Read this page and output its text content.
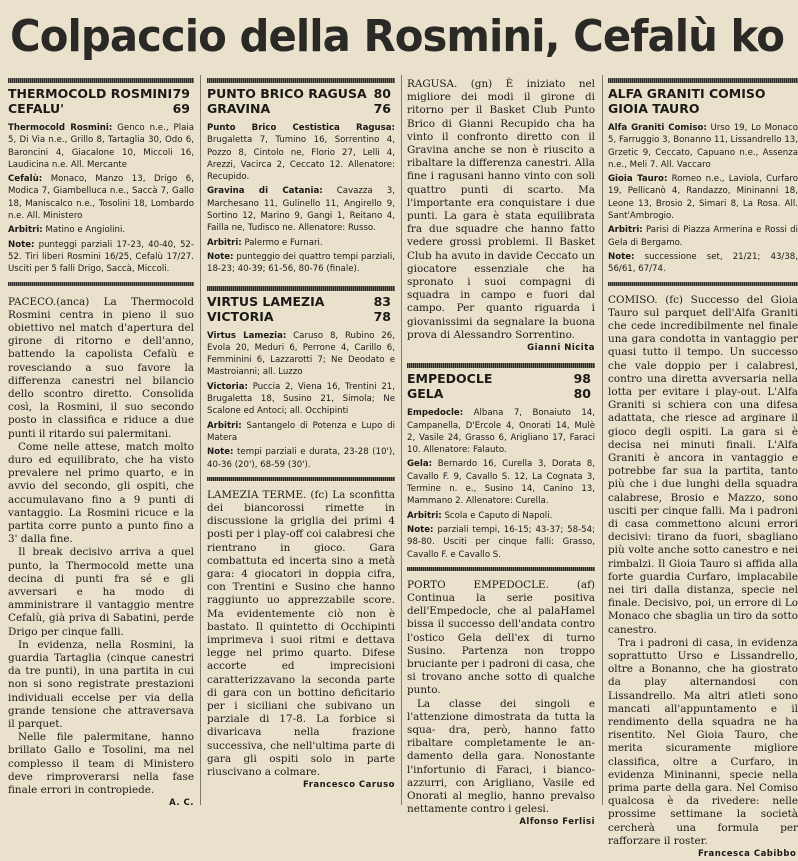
Colpaccio della Rosmini, Cefalù ko
THERMOCOLD ROSMINI 79
CEFALU'	69

Thermocold Rosmini: Genco n.e., Plaia 5, Di Via n.e., Grillo 8, Tartaglia 30, Odo 6, Baroncini 4, Giacalone 10, Miccoli 16, Laudicina n.e. All. Mercante

Cefalù: Monaco, Manzo 13, Drigo 6, Modica 7, Giambelluca n.e., Saccà 7, Gallo 18, Maniscalco n.e., Tosolini 18, Lombardo n.e. All. Ministero

Arbitri: Matino e Angiolini.

Note: punteggi parziali 17-23, 40-40, 52-52. Tiri liberi Rosmini 16/25, Cefalù 17/27. Usciti per 5 falli Drigo, Saccà, Miccoli.

PACECO.(anca) La Thermocold Rosmini centra in pieno il suo obiettivo nel match d'apertura del girone di ritorno e dell'anno, battendo la capolista Cefalù e rovesciando a suo favore la differenza canestri nel bilancio dello scontro diretto. Consolida così, la Rosmini, il suo secondo posto in classifica e riduce a due punti il ritardo sui palermitani.

Come nelle attese, match molto duro ed equilibrato, che ha visto prevalere nel primo quarto, e in avvio del secondo, gli ospiti, che accumulavano fino a 9 punti di vantaggio. La Rosmini ricuce e la partita corre punto a punto fino a 3' dalla fine.

Il break decisivo arriva a quel punto, la Thermocold mette una decina di punti fra sé e gli avversari e ha modo di amministrare il vantaggio mentre Cefalù, già priva di Sabatini, perde Drigo per cinque falli.

In evidenza, nella Rosmini, la guardia Tartaglia (cinque canestri da tre punti), in una partita in cui non si sono registrate prestazioni individuali eccelse per via della grande tensione che attraversava il parquet.

Nelle file palermitane, hanno brillato Gallo e Tosolini, ma nel complesso il team di Ministero deve rimproverarsi nella fase finale errori in contropiede.

A. C.
PUNTO BRICO RAGUSA 80
GRAVINA	76

Punto Brico Cestistica Ragusa: Brugaletta 7, Tumino 16, Sorrentino 4, Pozzo 8, Cintolo ne, Florio 27, Lelli 4, Arezzi, Vacirca 2, Ceccato 12. Allenatore: Recupido.

Gravina di Catania: Cavazza 3, Marchesano 11, Gulinello 11, Angirello 9, Sortino 12, Marino 9, Gangi 1, Reitano 4, Failla ne, Tudisco ne. Allenatore: Russo.

Arbitri: Palermo e Furnari.

Note: punteggio dei quattro tempi parziali, 18-23; 40-39; 61-56, 80-76 (finale).

VIRTUS LAMEZIA	83
VICTORIA	78

Virtus Lamezia: Caruso 8, Rubino 26, Evola 20, Meduri 6, Perrone 4, Carillo 6, Femminini 6, Lazzarotti 7; Ne Deodato e Mastroianni; all. Luzzo

Victoria: Puccia 2, Viena 16, Trentini 21, Brugaletta 18, Susino 21, Simola; Ne Scalone ed Antoci; all. Occhipinti

Arbitri: Santangelo di Potenza e Lupo di Matera

Note: tempi parziali e durata, 23-28 (10'), 40-36 (20'), 68-59 (30').

LAMEZIA TERME. (fc) La sconfitta dei biancorossi rimette in discussione la griglia dei primi 4 posti per i play-off coi calabresi che rientrano in gioco. Gara combattuta ed incerta sino a metà gara: 4 giocatori in doppia cifra, con Trentini e Susino che hanno raggiunto uo apprezzabile score. Ma evidentemente ciò non è bastato. Il quintetto di Occhipinti imprimeva i suoi ritmi e dettava legge nel primo quarto. Difese accorte ed imprecisioni caratterizzavano la seconda parte di gara con un bottino deficitario per i siciliani che subivano un parziale di 17-8. La forbice si divaricava nella frazione successiva, che nell'ultima parte di gara gli ospiti solo in parte riuscivano a colmare.

Francesco Caruso

RAGUSA. (gn) È iniziato nel migliore dei modi il girone di ritorno per il Basket Club Punto Brico di Gianni Recupido cha ha vinto il confronto diretto con il Gravina anche se non è riuscito a ribaltare la differenza canestri. Alla fine i ragusani hanno vinto con soli quattro punti di scarto. Ma l'importante era conquistare i due punti. La gara è stata equilibrata fra due squadre che hanno fatto vedere grossi problemi. Il Basket Club ha avuto in davide Ceccato un giocatore essenziale che ha spronato i suoi compagni di squadra in campo e fuori dal campo. Per quanto riguarda i giovanissimi da segnalare la buona prova di Alessandro Sorrentino.

Gianni Nicita
EMPEDOCLE	98
GELA	80

Empedocle: Albana 7, Bonaiuto 14, Campanella, D'Ercole 4, Onorati 14, Mulè 2, Vasile 24, Grasso 6, Arigliano 17, Faraci 10. Allenatore: Falauto.

Gela: Bernardo 16, Curella 3, Dorata 8, Cavallo F. 9, Cavallo S. 12, La Cognata 3, Termine n. e., Susino 14, Canino 13, Mammano 2. Allenatore: Curella.

Arbitri: Scola e Caputo di Napoli.

Note: parziali tempi, 16-15; 43-37; 58-54; 98-80. Usciti per cinque falli: Grasso, Cavallo F. e Cavallo S.

PORTO EMPEDOCLE. (af) Continua la serie positiva dell'Empedocle, che al palaHamel bissa il successo dell'andata contro l'ostico Gela dell'ex di turno Susino. Partenza non troppo bruciante per i padroni di casa, che si trovano anche sotto di qualche punto.

La classe dei singoli e l'attenzione dimostrata da tutta la squa- dra, però, hanno fatto ribaltare completamente le an- damento della gara. Nonostante l'infortunio di Faraci, i bianco-azzurri, con Arigliano, Vasile ed Onorati al meglio, hanno prevalso nettamente contro i gelesi.

Alfonso Ferlisi
ALFA GRANITI COMISO
GIOIA TAURO

Alfa Graniti Comiso: Urso 19, Lo Monaco 5, Farruggio 3, Bonanno 11, Lissandrello 13, Grzetic 9, Ceccato, Capuano n.e., Assenza n.e., Meli 7. All. Vaccaro

Gioia Tauro: Romeo n.e., Laviola, Curfaro 19, Pellicanò 4, Randazzo, Mininanni 18, Leone 13, Brosio 2, Simari 8, La Rosa. All. Sant'Ambrogio.

Arbitri: Parisi di Piazza Armerina e Rossi di Gela di Bergamo.

Note: successione set, 21/21; 43/38, 56/61, 67/74.

COMISO. (fc) Successo del Gioia Tauro sul parquet dell'Alfa Graniti che cede incredibilmente nel finale una gara condotta in vantaggio per quasi tutto il tempo. Un successo che vale doppio per i calabresi, contro una diretta avversaria nella lotta per evitare i play-out. L'Alfa Graniti si schiera con una difesa adattata, che riesce ad arginare il gioco degli ospiti. La gara si è decisa nei minuti finali. L'Alfa Graniti è ancora in vantaggio e potrebbe far sua la partita, tanto più che i due lunghi della squadra calabrese, Brosio e Mazzo, sono usciti per cinque falli. Ma i padroni di casa commettono alcuni errori decisivi: tirano da fuori, sbagliano più volte anche sotto canestro e nei rimbalzi. Il Gioia Tauro si affida alla forte guardia Curfaro, implacabile nei tiri dalla distanza, specie nel finale. Decisivo, poi, un errore di Lo Monaco che sbaglia un tiro da sotto canestro.

Tra i padroni di casa, in evidenza soprattutto Urso e Lissandrello, oltre a Bonanno, che ha giostrato da play alternandosi con Lissandrello. Ma altri atleti sono mancati all'appuntamento e il rendimento della squadra ne ha risentito. Nel Gioia Tauro, che merita sicuramente migliore classifica, oltre a Curfaro, in evidenza Mininanni, specie nella prima parte della gara. Nel Comiso qualcosa è da rivedere: nelle prossime settimane la società cercherà una formula per rafforzare il roster.

Francesca Cabibbo
